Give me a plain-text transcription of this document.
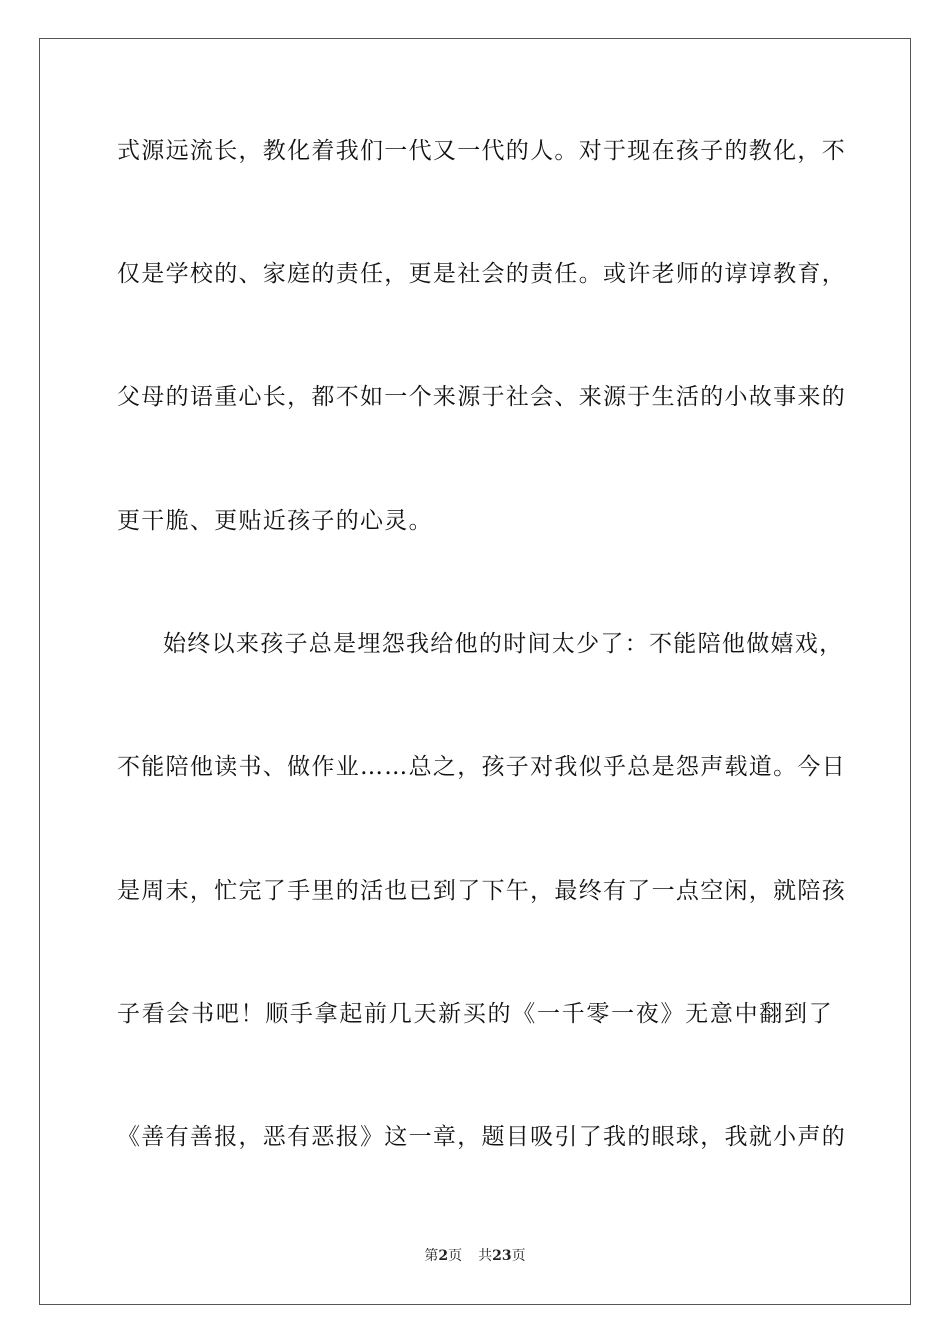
式源远流长，教化着我们一代又一代的人。对于现在孩子的教化，不
仅是学校的、家庭的责任，更是社会的责任。或许老师的谆谆教育，
父母的语重心长，都不如一个来源于社会、来源于生活的小故事来的
更干脆、更贴近孩子的心灵。
始终以来孩子总是埋怨我给他的时间太少了：不能陪他做嬉戏，
不能陪他读书、做作业……总之，孩子对我似乎总是怨声载道。今日
是周末，忙完了手里的活也已到了下午，最终有了一点空闲，就陪孩
子看会书吧！顺手拿起前几天新买的《一千零一夜》无意中翻到了
《善有善报，恶有恶报》这一章，题目吸引了我的眼球，我就小声的
第2页 共23页
